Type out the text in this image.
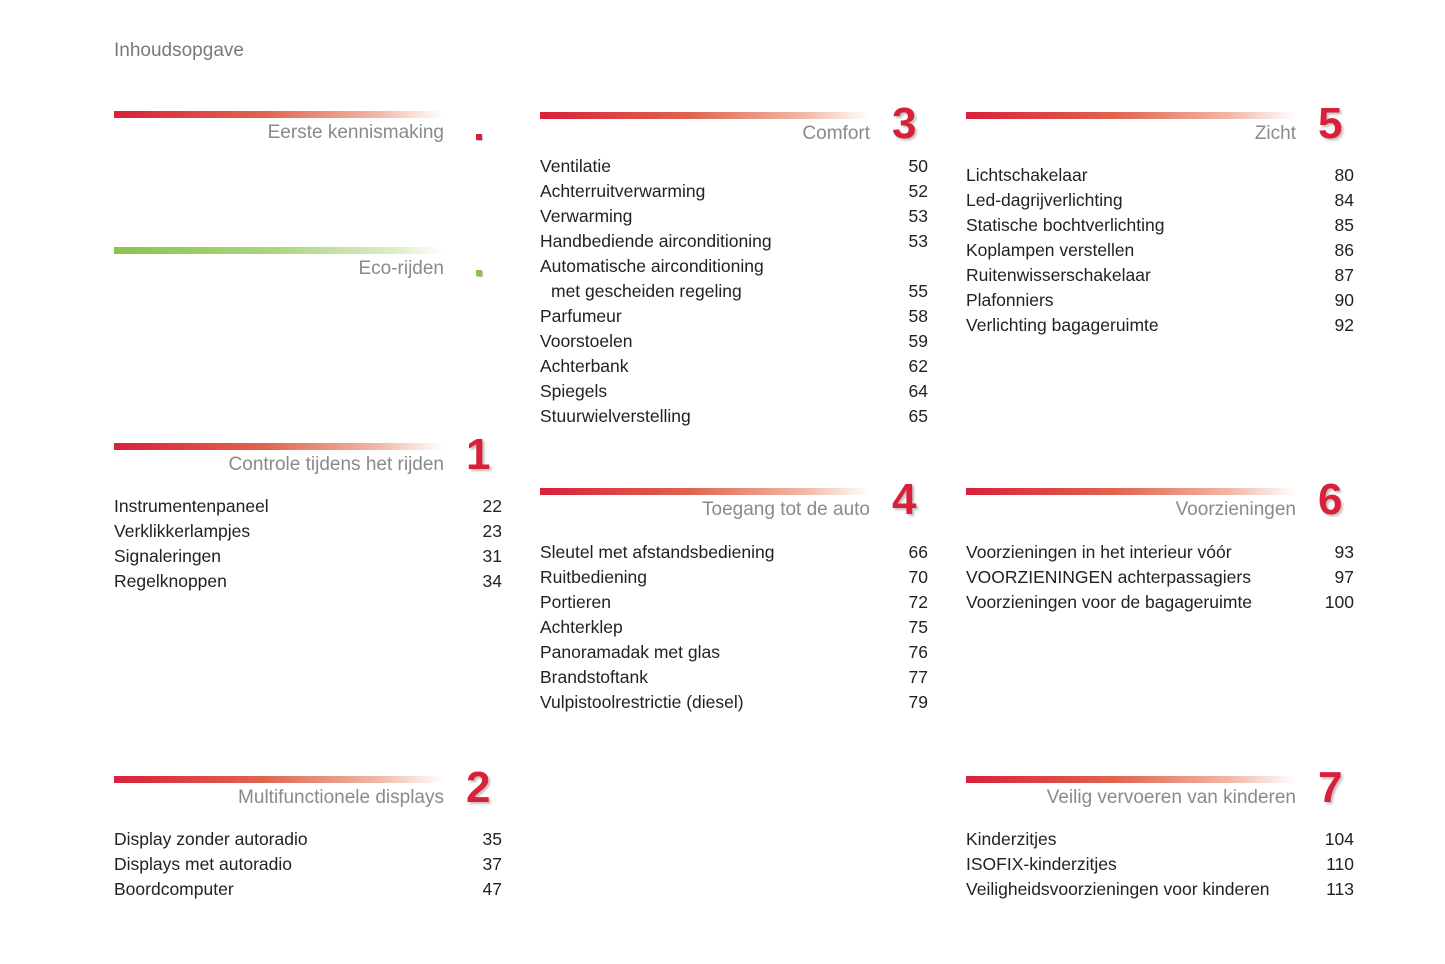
Inhoudsopgave
Eerste kennismaking
Eco-rijden
Controle tijdens het rijden 1
Instrumentenpaneel	22
Verklikkerlampjes	23
Signaleringen	31
Regelknoppen	34
Multifunctionele displays 2
Display zonder autoradio	35
Displays met autoradio	37
Boordcomputer	47
Comfort 3
Ventilatie	50
Achterruitverwarming	52
Verwarming	53
Handbediende airconditioning	53
Automatische airconditioning
met gescheiden regeling	55
Parfumeur	58
Voorstoelen	59
Achterbank	62
Spiegels	64
Stuurwielverstelling	65
Toegang tot de auto 4
Sleutel met afstandsbediening	66
Ruitbediening	70
Portieren	72
Achterklep	75
Panoramadak met glas	76
Brandstoftank	77
Vulpistoolrestrictie (diesel)	79
Zicht 5
Lichtschakelaar	80
Led-dagrijverlichting	84
Statische bochtverlichting	85
Koplampen verstellen	86
Ruitenwisserschakelaar	87
Plafonniers	90
Verlichting bagageruimte	92
Voorzieningen 6
Voorzieningen in het interieur vóór	93
VOORZIENINGEN achterpassagiers	97
Voorzieningen voor de bagageruimte	100
Veilig vervoeren van kinderen 7
Kinderzitjes	104
ISOFIX-kinderzitjes	110
Veiligheidsvoorzieningen voor kinderen	113
